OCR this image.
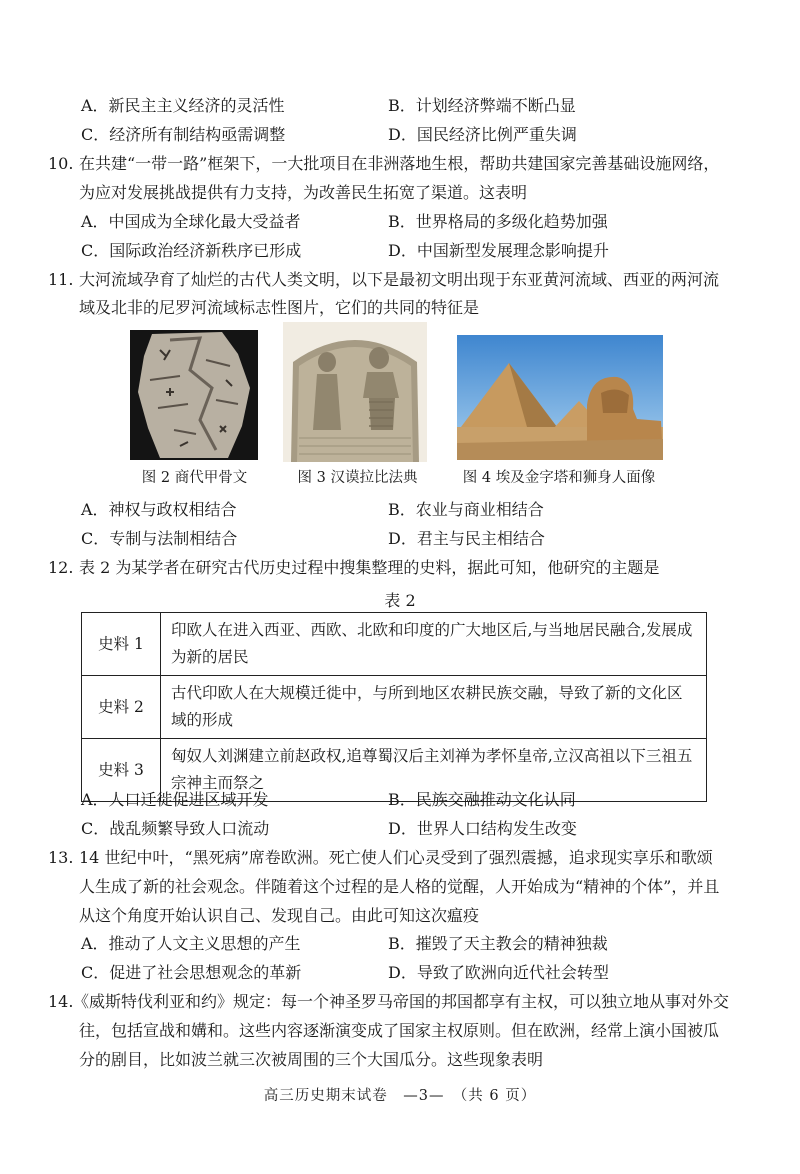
A．新民主主义经济的灵活性	B．计划经济弊端不断凸显
C．经济所有制结构亟需调整	D．国民经济比例严重失调
10. 在共建“一带一路”框架下，一大批项目在非洲落地生根，帮助共建国家完善基础设施网络，
为应对发展挑战提供有力支持，为改善民生拓宽了渠道。这表明
A．中国成为全球化最大受益者	B．世界格局的多级化趋势加强
C．国际政治经济新秩序已形成	D．中国新型发展理念影响提升
11. 大河流域孕育了灿烂的古代人类文明，以下是最初文明出现于东亚黄河流域、西亚的两河流
域及北非的尼罗河流域标志性图片，它们的共同的特征是
图 2 商代甲骨文	图 3 汉谟拉比法典	图 4 埃及金字塔和狮身人面像
A．神权与政权相结合	B．农业与商业相结合
C．专制与法制相结合	D．君主与民主相结合
12. 表 2 为某学者在研究古代历史过程中搜集整理的史料，据此可知，他研究的主题是
表 2
史料 1	印欧人在进入西亚、西欧、北欧和印度的广大地区后,与当地居民融合,发展成为新的居民
史料 2	古代印欧人在大规模迁徙中，与所到地区农耕民族交融，导致了新的文化区域的形成
史料 3	匈奴人刘渊建立前赵政权,追尊蜀汉后主刘禅为孝怀皇帝,立汉高祖以下三祖五宗神主而祭之
A．人口迁徙促进区域开发	B．民族交融推动文化认同
C．战乱频繁导致人口流动	D．世界人口结构发生改变
13. 14 世纪中叶，“黑死病”席卷欧洲。死亡使人们心灵受到了强烈震撼，追求现实享乐和歌颂
人生成了新的社会观念。伴随着这个过程的是人格的觉醒，人开始成为“精神的个体”，并且
从这个角度开始认识自己、发现自己。由此可知这次瘟疫
A．推动了人文主义思想的产生	B．摧毁了天主教会的精神独裁
C．促进了社会思想观念的革新	D．导致了欧洲向近代社会转型
14. 《威斯特伐利亚和约》规定：每一个神圣罗马帝国的邦国都享有主权，可以独立地从事对外交
往，包括宣战和媾和。这些内容逐渐演变成了国家主权原则。但在欧洲，经常上演小国被瓜
分的剧目，比如波兰就三次被周围的三个大国瓜分。这些现象表明
高三历史期末试卷　—3—　（共 6 页）
